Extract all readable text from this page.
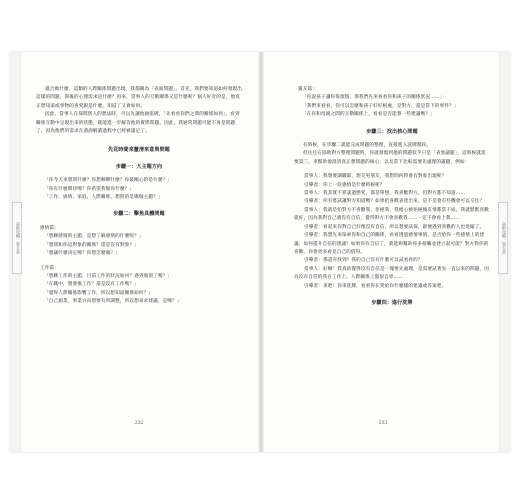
話術攻略 · 第五章	話術攻略 · 第五章

適合做什麼，這類的人際關係問題出現，我都稱為「表面問題」。首先，我們要知道如何發現出這樣的問題，與後的心理需求是什麼？再來，當事人的互動關係又是什麼呢？個人好奇的是，他真正想知道或事物的喜愛跟是什麼，知道了又會如何。

因此，當事人在探問別人的想法時，可以先讓他抽張牌，「先看看你們之間的關係如何」，看到關係互動中呈現出來的狀態，就能進一步解答他的實際問題。因此，我通常問題可能不再是問題了，因為他們的需求在諮詢解讀過程中已經被滿足了。

先花時間來釐清來意與問題

步驟一：大主題方向

「你今天來想問什麼？你想聊聊什麼？你最關心的是什麼？」

「你有什麼期待嗎？你希望我幫你什麼？」

「工作、感情、家庭、人際關係，想問的是哪個主題？」

步驟二：擊焦具體問題

感情篇：

「想聊感情的主題，是想了解感情的什麼呢？」

「想問和你這對象的關係？還是沒有對象？」

「想讓什麼決定嗎？你想怎麼做？」

工作篇：

「想聊工作的主題，目前工作的狀況如何？遇到瓶頸了嗎？」

「在職中，想要換工作？還是沒有工作嗎？」

「覺得人際關係影響工作，所以想知道關係如何？」

「自己創業，事業方向想要有所調整，所以想尋求建議，是嗎？」

232

親友篇：

「你說孩子讓你很煩惱，那我們先來看看你和孩子的關係狀況……」

「我們來看看，你可以怎麼和孩子好好相處，是對方，還是當下的事件？」

「在你和母親之間的互動關係上，看看是否能想一些建議嗎？」

步驟三：找出核心問題

有時候，在步驟二就能完成問題的整理，直接進入洗牌階段。

但往往在協助對方整理問題時，你就發現到他的問題似乎只是「表象議題」，這時候就需要第三、來幫助他澄清真正想問題的核心，以及當下比較需要先處理的議題，例如：

當事人：我想要調職耶，想交男朋友，我想問何時會有對象出現呢？

引導者：你上一段感情是什麼時候呢？

當事人：我其實不算談過戀愛，都是單戀，我喜歡對方，但對方都不知道……

引導者：你有嘗試讓對方知道嗎？如果把喜歡表達出來，是不是會有些機會可以交往？

當事人：我就是怕對方不喜歡我，拒絕我，我擔心被拒絕後友情都當不成，我就默默喜歡就好，因為我對自己感沒有自信，覺得對方不會喜歡我……一定不會看上我……

引導者：看起來你對自己好像沒有自信，所以想要試探，即便遇到喜歡的人也退縮了。

引導者：我想先來探索你和自己的關係，看看透過感情事情，是否給你一些感情上的建議，如何提升自信的建議？如果你有自信了，就能夠幫助你多接觸並建立起可能？對方對你的喜歡。你會更多看見自己的值得。

引導者：那還有找到？我的自己沒有什麼可以試看看的？

當事人：好啊！我真的覺得沒有自信是一塊要先處理，是需要試著先一直以來的問題，因為沒有自信的我在工作上、人際關係上都很自卑……

引導者：來吧！你來洗牌，看看你在愛給你什麼樣的建議或答案吧。

步驟四：進行洗牌

233
